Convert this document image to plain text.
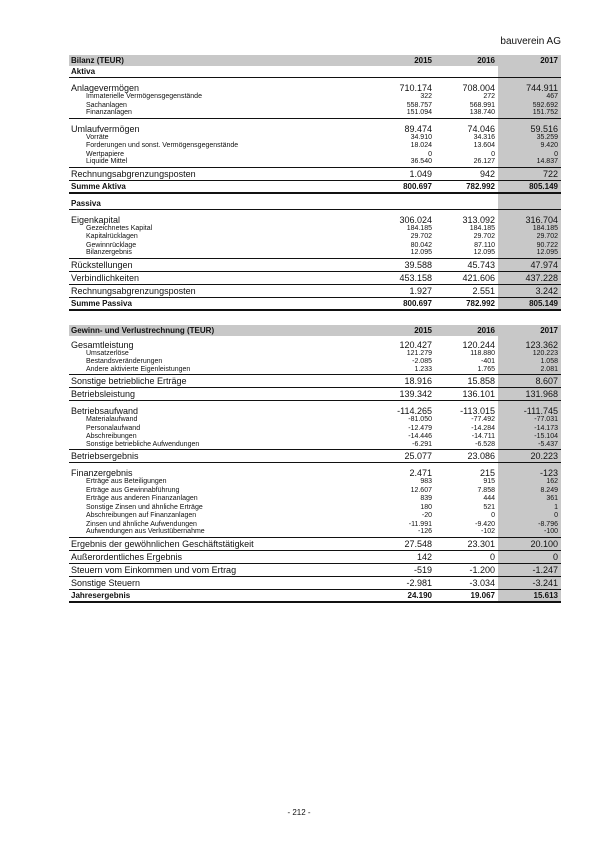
bauverein AG
Bilanz (TEUR)	2015	2016	2017
Aktiva
Anlagevermögen	710.174	708.004	744.911
Immaterielle Vermögensgegenstände	322	272	467
Sachanlagen	558.757	568.991	592.692
Finanzanlagen	151.094	138.740	151.752
Umlaufvermögen	89.474	74.046	59.516
Vorräte	34.910	34.316	35.259
Forderungen und sonst. Vermögensgegenstände	18.024	13.604	9.420
Wertpapiere	0	0	0
Liquide Mittel	36.540	26.127	14.837
Rechnungsabgrenzungsposten	1.049	942	722
Summe Aktiva	800.697	782.992	805.149
Passiva
Eigenkapital	306.024	313.092	316.704
Gezeichnetes Kapital	184.185	184.185	184.185
Kapitalrücklagen	29.702	29.702	29.702
Gewinnrücklage	80.042	87.110	90.722
Bilanzergebnis	12.095	12.095	12.095
Rückstellungen	39.588	45.743	47.974
Verbindlichkeiten	453.158	421.606	437.228
Rechnungsabgrenzungsposten	1.927	2.551	3.242
Summe Passiva	800.697	782.992	805.149
Gewinn- und Verlustrechnung (TEUR)	2015	2016	2017
Gesamtleistung	120.427	120.244	123.362
Umsatzerlöse	121.279	118.880	120.223
Bestandsveränderungen	-2.085	-401	1.058
Andere aktivierte Eigenleistungen	1.233	1.765	2.081
Sonstige betriebliche Erträge	18.916	15.858	8.607
Betriebsleistung	139.342	136.101	131.968
Betriebsaufwand	-114.265	-113.015	-111.745
Materialaufwand	-81.050	-77.492	-77.031
Personalaufwand	-12.479	-14.284	-14.173
Abschreibungen	-14.446	-14.711	-15.104
Sonstige betriebliche Aufwendungen	-6.291	-6.528	-5.437
Betriebsergebnis	25.077	23.086	20.223
Finanzergebnis	2.471	215	-123
Erträge aus Beteiligungen	983	915	162
Erträge aus Gewinnabführung	12.607	7.858	8.249
Erträge aus anderen Finanzanlagen	839	444	361
Sonstige Zinsen und ähnliche Erträge	180	521	1
Abschreibungen auf Finanzanlagen	-20	0	0
Zinsen und ähnliche Aufwendungen	-11.991	-9.420	-8.796
Aufwendungen aus Verlustübernahme	-126	-102	-100
Ergebnis der gewöhnlichen Geschäftstätigkeit	27.548	23.301	20.100
Außerordentliches Ergebnis	142	0	0
Steuern vom Einkommen und vom Ertrag	-519	-1.200	-1.247
Sonstige Steuern	-2.981	-3.034	-3.241
Jahresergebnis	24.190	19.067	15.613
- 212 -
